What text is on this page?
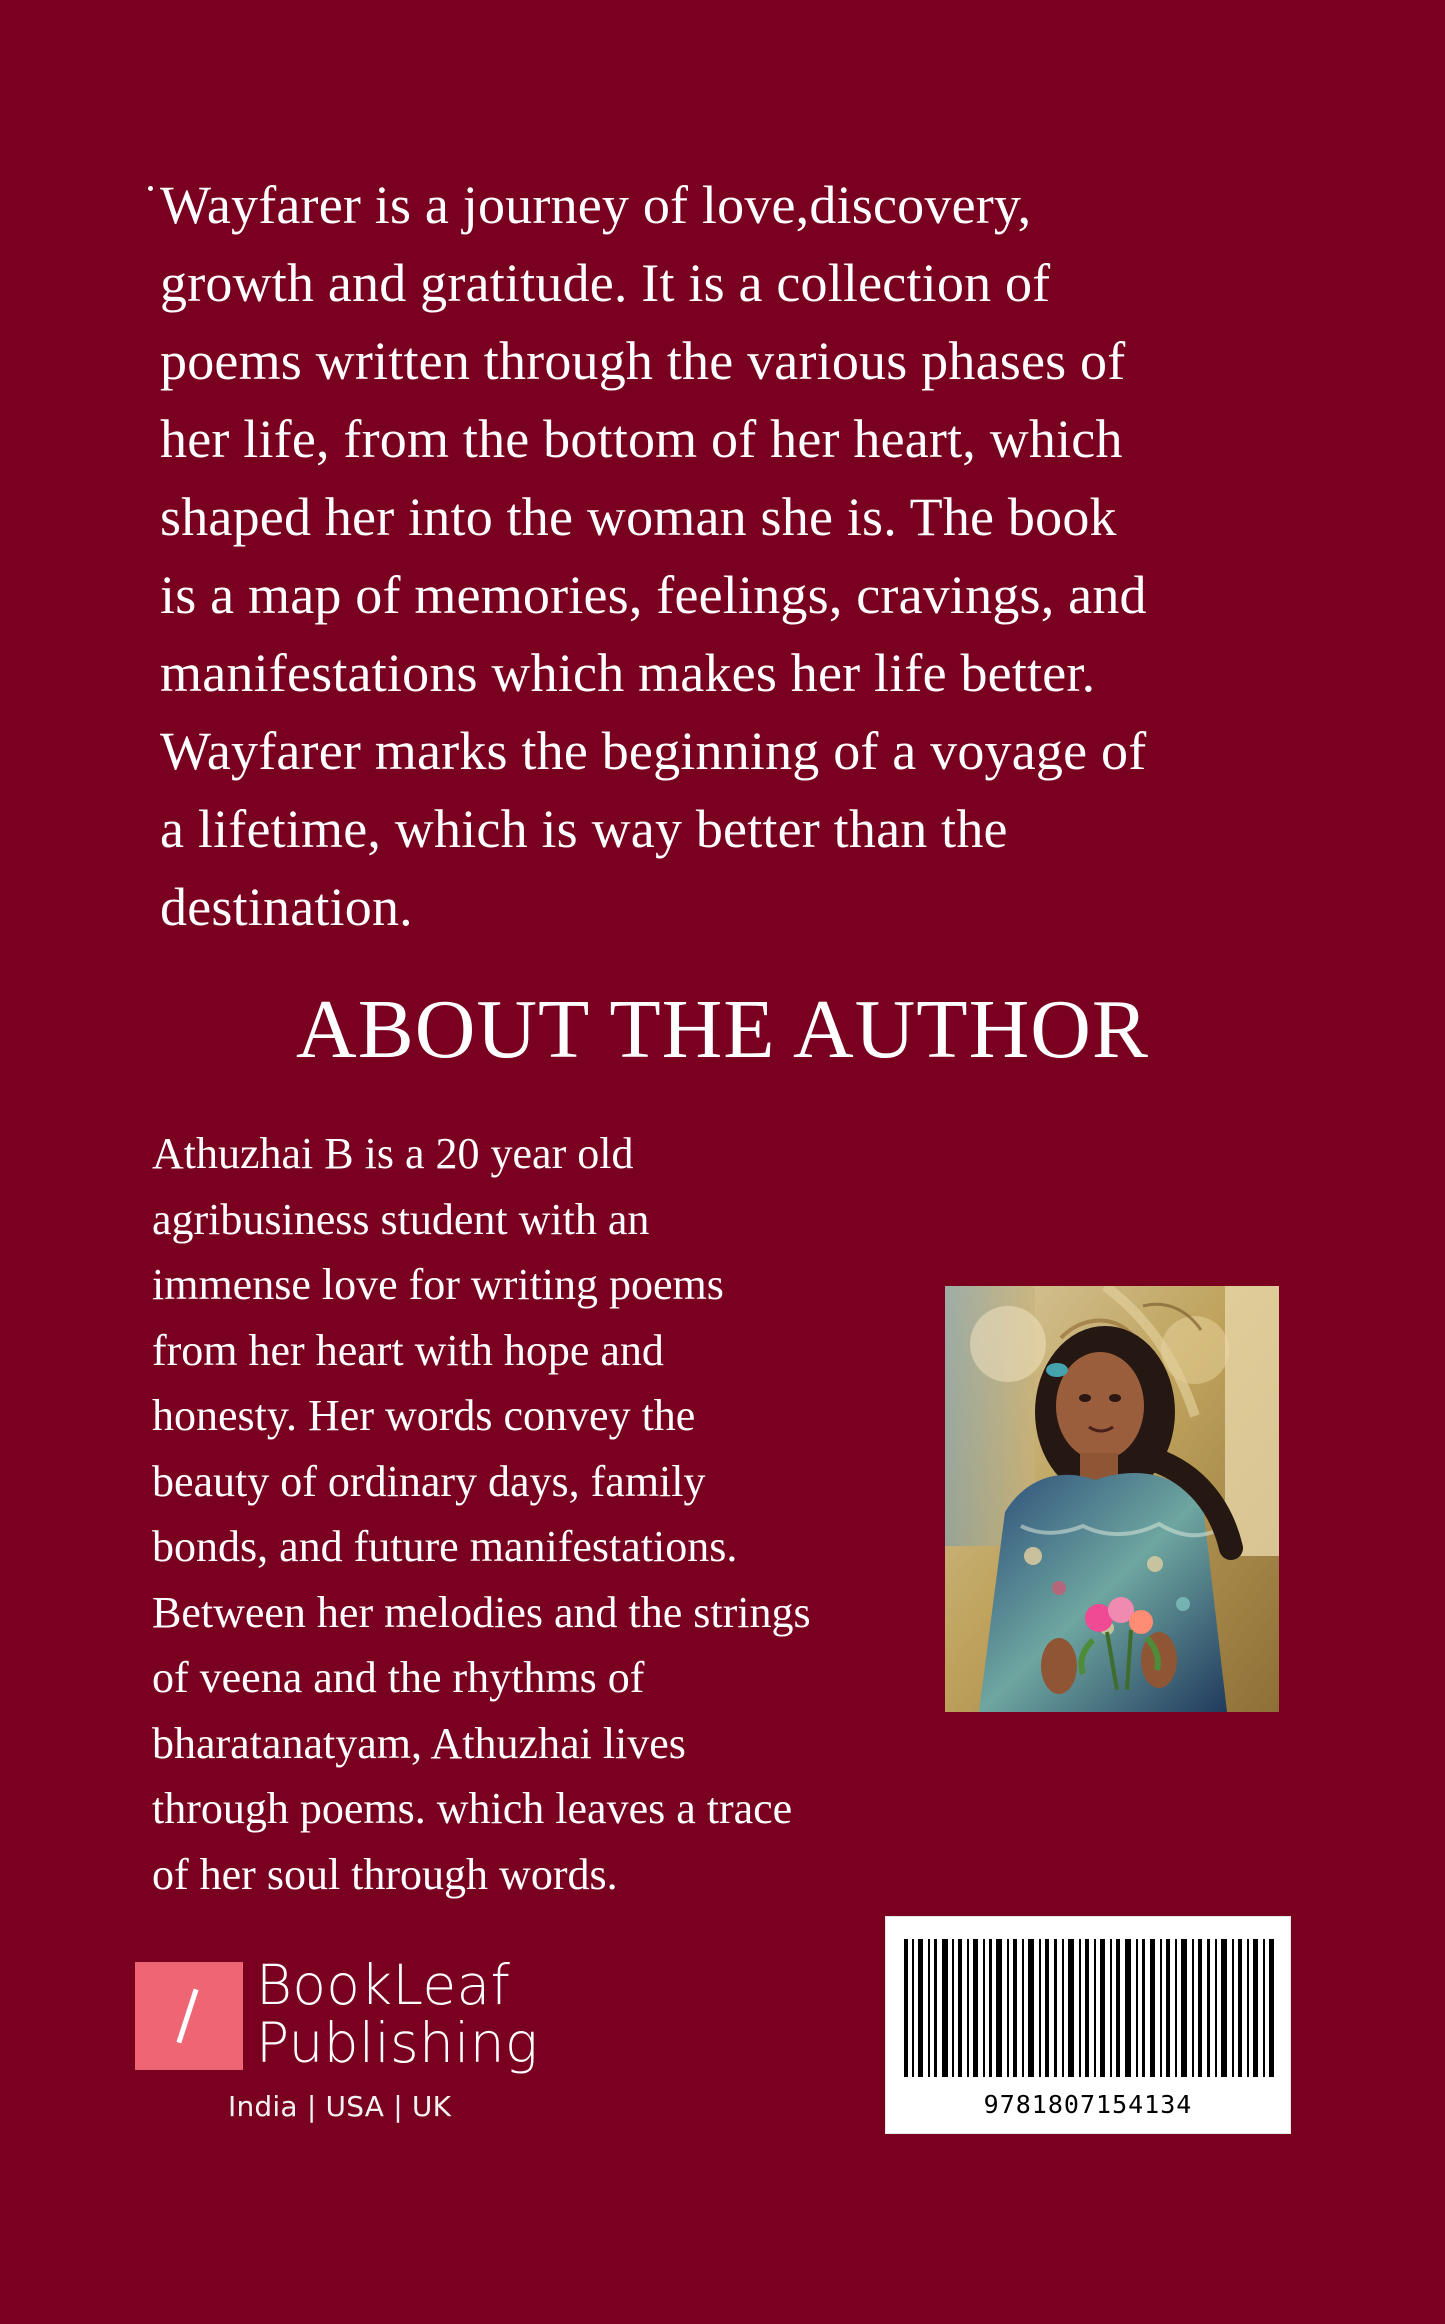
Wayfarer is a journey of love,discovery,
growth and gratitude. It is a collection of
poems written through the various phases of
her life, from the bottom of her heart, which
shaped her into the woman she is. The book
is a map of memories, feelings, cravings, and
manifestations which makes her life better.
Wayfarer marks the beginning of a voyage of
a lifetime, which is way better than the
destination.
ABOUT THE AUTHOR
Athuzhai B is a 20 year old
agribusiness student with an
immense love for writing poems
from her heart with hope and
honesty. Her words convey the
beauty of ordinary days, family
bonds, and future manifestations.
Between her melodies and the strings
of veena and the rhythms of
bharatanatyam, Athuzhai lives
through poems. which leaves a trace
of her soul through words.
BookLeaf
Publishing
India | USA | UK	9781807154134
